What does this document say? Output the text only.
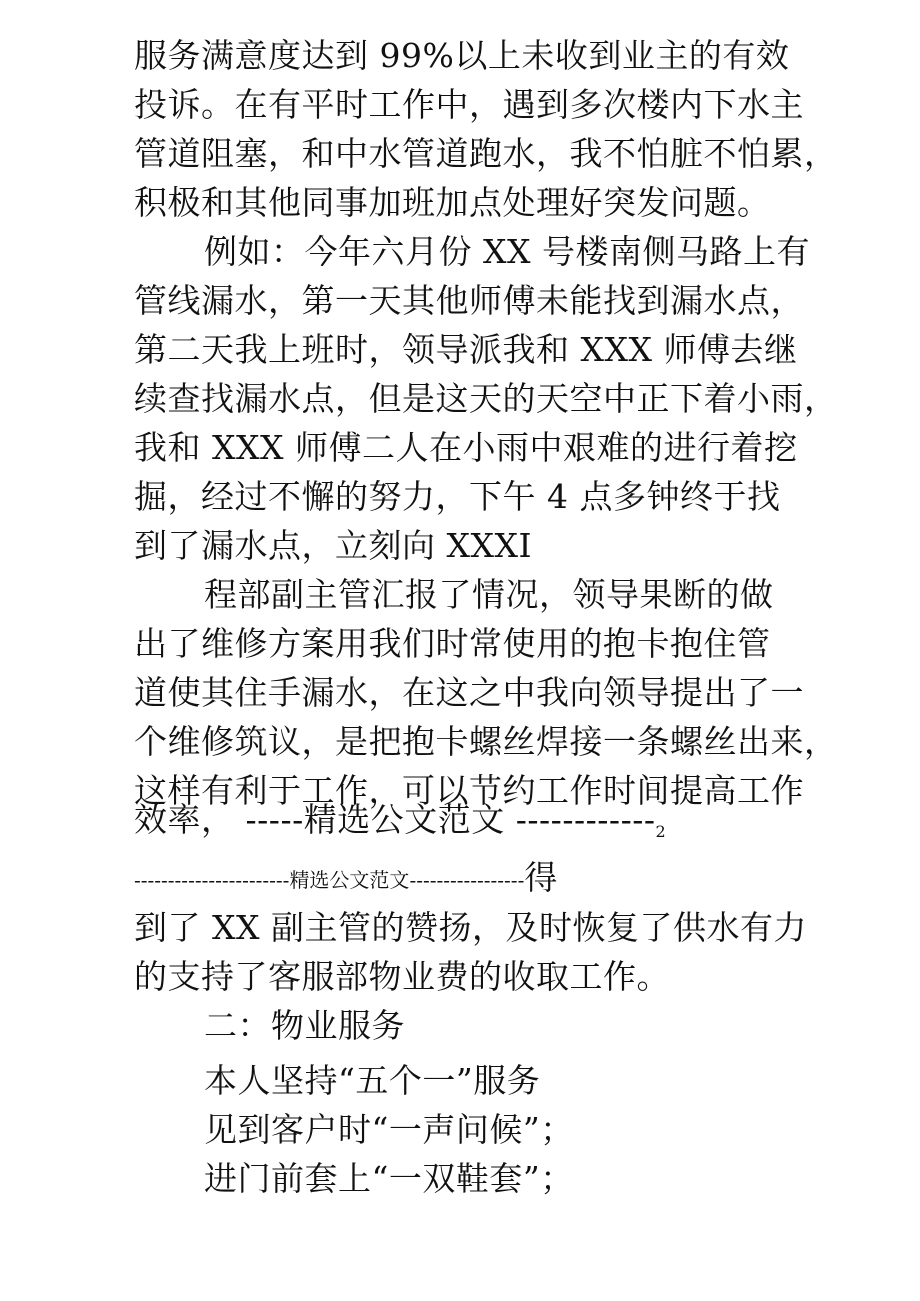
服务满意度达到 99%以上未收到业主的有效

投诉。在有平时工作中，遇到多次楼内下水主

管道阻塞，和中水管道跑水，我不怕脏不怕累，

积极和其他同事加班加点处理好突发问题。

例如：今年六月份 XX 号楼南侧马路上有

管线漏水，第一天其他师傅未能找到漏水点，

第二天我上班时，领导派我和 XXX 师傅去继

续查找漏水点，但是这天的天空中正下着小雨，

我和 XXX 师傅二人在小雨中艰难的进行着挖

掘，经过不懈的努力，下午 4 点多钟终于找

到了漏水点，立刻向 XXXI

程部副主管汇报了情况，领导果断的做

出了维修方案用我们时常使用的抱卡抱住管

道使其住手漏水，在这之中我向领导提出了一

个维修筑议，是把抱卡螺丝焊接一条螺丝出来，

这样有利于工作，可以节约工作时间提高工作

效率， -----精选公文范文 $------------_2$

-----------------------精选公文范文-----------------得

到了 XX 副主管的赞扬，及时恢复了供水有力

的支持了客服部物业费的收取工作。

二：物业服务

本人坚持“五个一”服务

见到客户时“一声问候”；

进门前套上“一双鞋套”；
